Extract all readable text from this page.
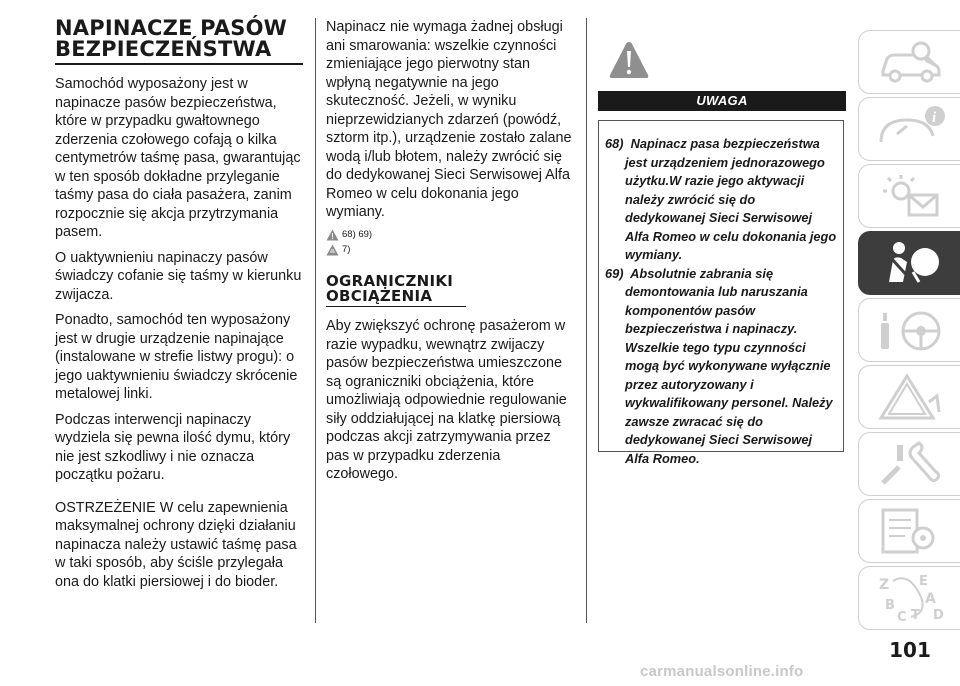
NAPINACZE PASÓW
BEZPIECZEŃSTWA

Samochód wyposażony jest w napinacze pasów bezpieczeństwa, które w przypadku gwałtownego zderzenia czołowego cofają o kilka centymetrów taśmę pasa, gwarantując w ten sposób dokładne przyleganie taśmy pasa do ciała pasażera, zanim rozpocznie się akcja przytrzymania pasem.

O uaktywnieniu napinaczy pasów świadczy cofanie się taśmy w kierunku zwijacza.

Ponadto, samochód ten wyposażony jest w drugie urządzenie napinające (instalowane w strefie listwy progu): o jego uaktywnieniu świadczy skrócenie metalowej linki.

Podczas interwencji napinaczy wydziela się pewna ilość dymu, który nie jest szkodliwy i nie oznacza początku pożaru.

OSTRZEŻENIE W celu zapewnienia maksymalnej ochrony dzięki działaniu napinacza należy ustawić taśmę pasa w taki sposób, aby ściśle przylegała ona do klatki piersiowej i do bioder.

Napinacz nie wymaga żadnej obsługi ani smarowania: wszelkie czynności zmieniające jego pierwotny stan wpłyną negatywnie na jego skuteczność. Jeżeli, w wyniku nieprzewidzianych zdarzeń (powódź, sztorm itp.), urządzenie zostało zalane wodą i/lub błotem, należy zwrócić się do dedykowanej Sieci Serwisowej Alfa Romeo w celu dokonania jego wymiany.

68) 69)
7)
OGRANICZNIKI
OBCIĄŻENIA

Aby zwiększyć ochronę pasażerom w razie wypadku, wewnątrz zwijaczy pasów bezpieczeństwa umieszczone są ograniczniki obciążenia, które umożliwiają odpowiednie regulowanie siły oddziałującej na klatkę piersiową podczas akcji zatrzymywania przez pas w przypadku zderzenia czołowego.

UWAGA
68) Napinacz pasa bezpieczeństwa jest urządzeniem jednorazowego użytku.W razie jego aktywacji należy zwrócić się do dedykowanej Sieci Serwisowej Alfa Romeo w celu dokonania jego wymiany.
69) Absolutnie zabrania się demontowania lub naruszania komponentów pasów bezpieczeństwa i napinaczy. Wszelkie tego typu czynności mogą być wykonywane wyłącznie przez autoryzowany i wykwalifikowany personel. Należy zawsze zwracać się do dedykowanej Sieci Serwisowej Alfa Romeo.
i
Z E
A
B
C T D
101
carmanualsonline.info
